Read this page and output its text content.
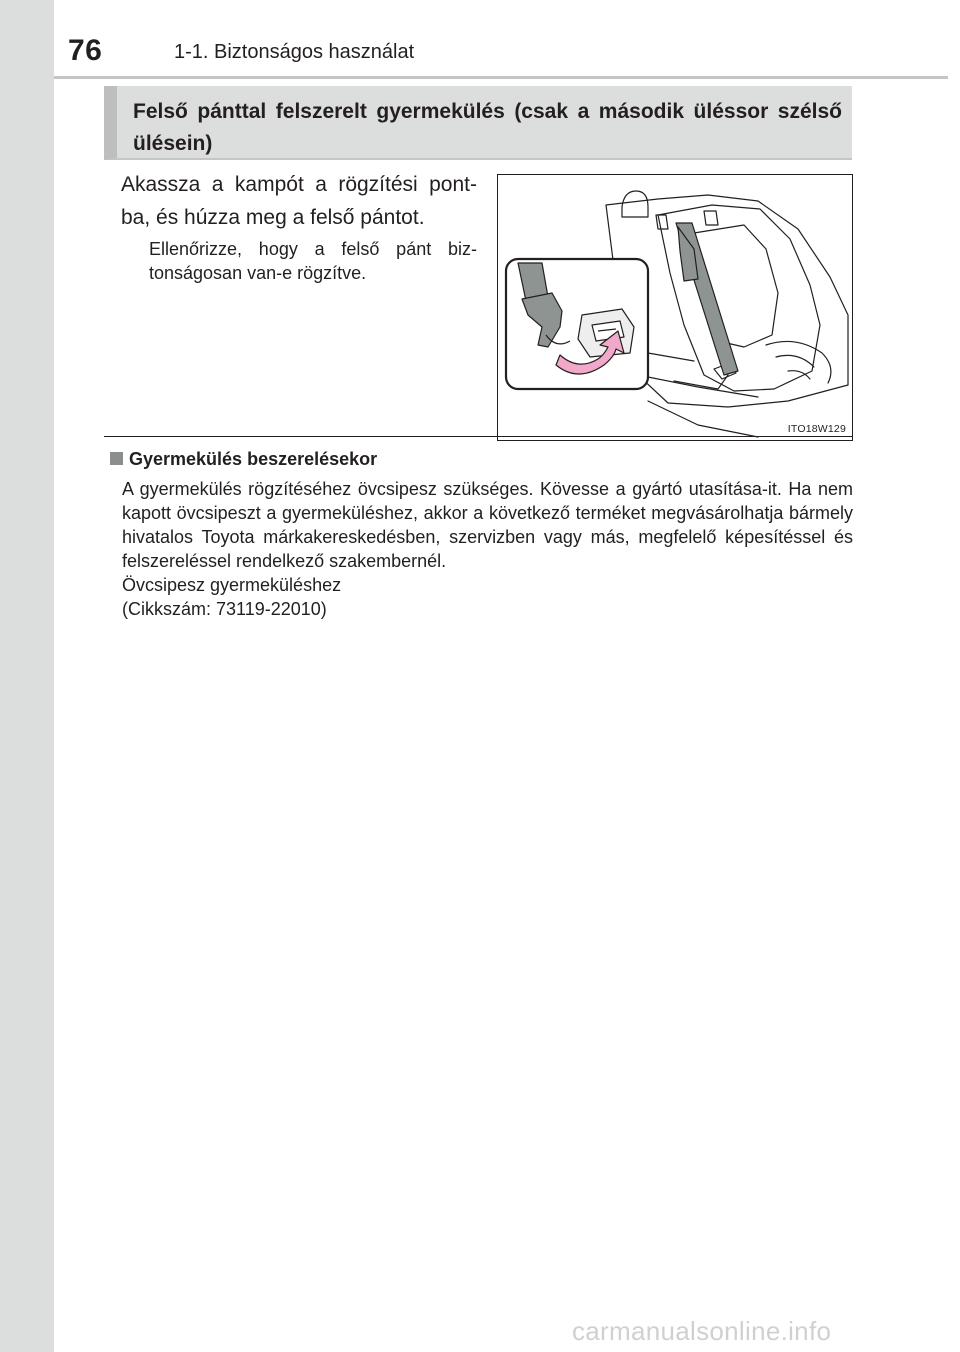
76	1-1. Biztonságos használat
Felső pánttal felszerelt gyermekülés (csak a második üléssor szélső ülésein)
Akassza a kampót a rögzítési pont-ba, és húzza meg a felső pántot.
Ellenőrizze, hogy a felső pánt biz-tonságosan van-e rögzítve.
ITO18W129
Gyermekülés beszerelésekor
A gyermekülés rögzítéséhez övcsipesz szükséges. Kövesse a gyártó utasítása-it. Ha nem kapott övcsipeszt a gyermeküléshez, akkor a következő terméket megvásárolhatja bármely hivatalos Toyota márkakereskedésben, szervizben vagy más, megfelelő képesítéssel és felszereléssel rendelkező szakembernél.
Övcsipesz gyermeküléshez
(Cikkszám: 73119-22010)
carmanualsonline.info
